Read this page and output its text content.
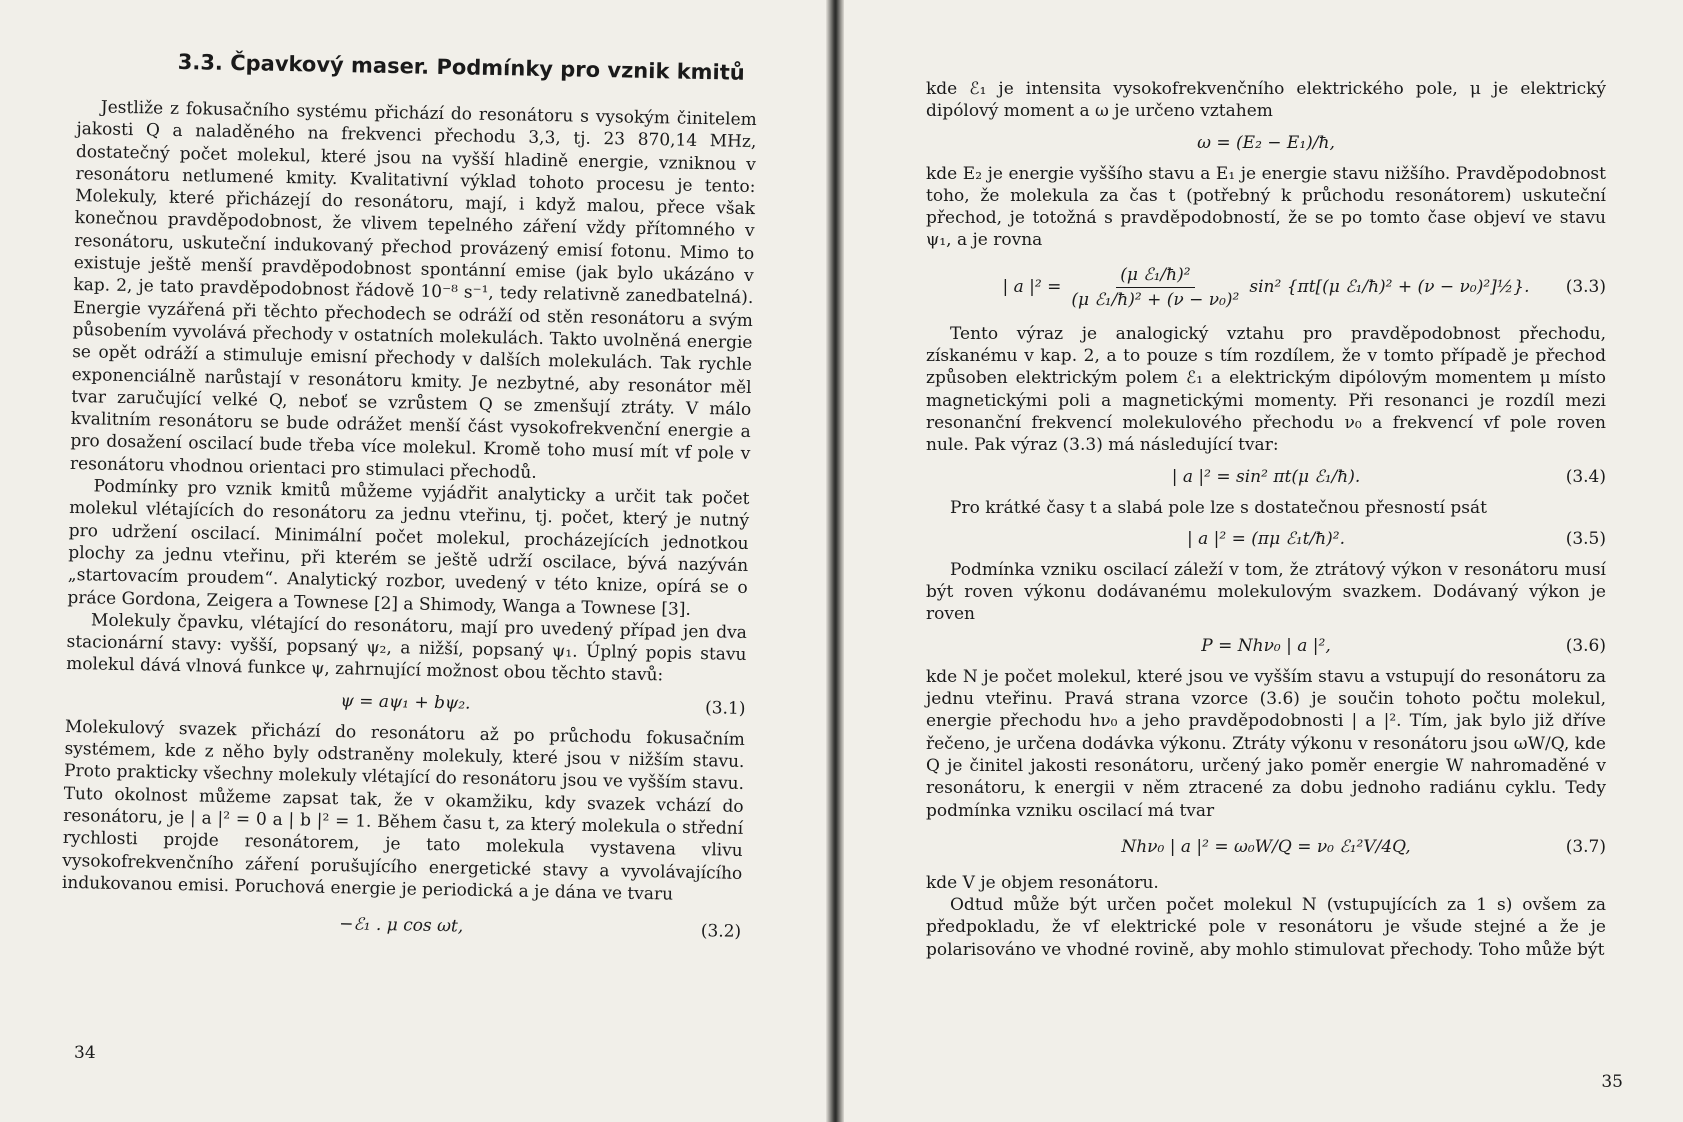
3.3. Čpavkový maser. Podmínky pro vznik kmitů

Jestliže z fokusačního systému přichází do resonátoru s vysokým činitelem jakosti Q a naladěného na frekvenci přechodu 3,3, tj. 23 870,14 MHz, dostatečný počet molekul, které jsou na vyšší hladině energie, vzniknou v resonátoru netlumené kmity. Kvalitativní výklad tohoto procesu je tento: Molekuly, které přicházejí do resonátoru, mají, i když malou, přece však konečnou pravděpodobnost, že vlivem tepelného záření vždy přítomného v resonátoru, uskuteční indukovaný přechod provázený emisí fotonu. Mimo to existuje ještě menší pravděpodobnost spontánní emise (jak bylo ukázáno v kap. 2, je tato pravděpodobnost řádově 10⁻⁸ s⁻¹, tedy relativně zanedbatelná). Energie vyzářená při těchto přechodech se odráží od stěn resonátoru a svým působením vyvolává přechody v ostatních molekulách. Takto uvolněná energie se opět odráží a stimuluje emisní přechody v dalších molekulách. Tak rychle exponenciálně narůstají v resonátoru kmity. Je nezbytné, aby resonátor měl tvar zaručující velké Q, neboť se vzrůstem Q se zmenšují ztráty. V málo kvalitním resonátoru se bude odrážet menší část vysokofrekvenční energie a pro dosažení oscilací bude třeba více molekul. Kromě toho musí mít vf pole v resonátoru vhodnou orientaci pro stimulaci přechodů.

Podmínky pro vznik kmitů můžeme vyjádřit analyticky a určit tak počet molekul vlétajících do resonátoru za jednu vteřinu, tj. počet, který je nutný pro udržení oscilací. Minimální počet molekul, procházejících jednotkou plochy za jednu vteřinu, při kterém se ještě udrží oscilace, bývá nazýván „startovacím proudem“. Analytický rozbor, uvedený v této knize, opírá se o práce Gordona, Zeigera a Townese [2] a Shimody, Wanga a Townese [3].

Molekuly čpavku, vlétající do resonátoru, mají pro uvedený případ jen dva stacionární stavy: vyšší, popsaný ψ₂, a nižší, popsaný ψ₁. Úplný popis stavu molekul dává vlnová funkce ψ, zahrnující možnost obou těchto stavů:

ψ = aψ₁ + bψ₂.	(3.1)

Molekulový svazek přichází do resonátoru až po průchodu fokusačním systémem, kde z něho byly odstraněny molekuly, které jsou v nižším stavu. Proto prakticky všechny molekuly vlétající do resonátoru jsou ve vyšším stavu. Tuto okolnost můžeme zapsat tak, že v okamžiku, kdy svazek vchází do resonátoru, je | a |² = 0 a | b |² = 1. Během času t, za který molekula o střední rychlosti projde resonátorem, je tato molekula vystavena vlivu vysokofrekvenčního záření porušujícího energetické stavy a vyvolávajícího indukovanou emisi. Poruchová energie je periodická a je dána ve tvaru

−ℰ₁ . μ cos ωt,	(3.2)
34

kde ℰ₁ je intensita vysokofrekvenčního elektrického pole, μ je elektrický dipólový moment a ω je určeno vztahem

ω = (E₂ − E₁)/ħ,

kde E₂ je energie vyššího stavu a E₁ je energie stavu nižšího. Pravděpodobnost toho, že molekula za čas t (potřebný k průchodu resonátorem) uskuteční přechod, je totožná s pravděpodobností, že se po tomto čase objeví ve stavu ψ₁, a je rovna

| a $|^2 = \frac{\text{(μ ℰ₁/ħ)²}}{\text{(μ ℰ₁/ħ)² + (ν − ν₀)²}} \sin^2$ {πt[(μ ℰ₁/ħ)² + (ν − ν₀)²]½}. (3.3)

Tento výraz je analogický vztahu pro pravděpodobnost přechodu, získanému v kap. 2, a to pouze s tím rozdílem, že v tomto případě je přechod způsoben elektrickým polem ℰ₁ a elektrickým dipólovým momentem μ místo magnetickými poli a magnetickými momenty. Při resonanci je rozdíl mezi resonanční frekvencí molekulového přechodu ν₀ a frekvencí vf pole roven nule. Pak výraz (3.3) má následující tvar:

| a |² = sin² πt(μ ℰ₁/ħ).	(3.4)

Pro krátké časy t a slabá pole lze s dostatečnou přesností psát

| a |² = (πμ ℰ₁t/ħ)².	(3.5)

Podmínka vzniku oscilací záleží v tom, že ztrátový výkon v resonátoru musí být roven výkonu dodávanému molekulovým svazkem. Dodávaný výkon je roven

P = Nhν₀ | a |²,	(3.6)

kde N je počet molekul, které jsou ve vyšším stavu a vstupují do resonátoru za jednu vteřinu. Pravá strana vzorce (3.6) je součin tohoto počtu molekul, energie přechodu hν₀ a jeho pravděpodobnosti | a |². Tím, jak bylo již dříve řečeno, je určena dodávka výkonu. Ztráty výkonu v resonátoru jsou ωW/Q, kde Q je činitel jakosti resonátoru, určený jako poměr energie W nahromaděné v resonátoru, k energii v něm ztracené za dobu jednoho radiánu cyklu. Tedy podmínka vzniku oscilací má tvar

Nhν₀ | a |² = ω₀W/Q = ν₀ ℰ₁²V/4Q,	(3.7)

kde V je objem resonátoru.

Odtud může být určen počet molekul N (vstupujících za 1 s) ovšem za předpokladu, že vf elektrické pole v resonátoru je všude stejné a že je polarisováno ve vhodné rovině, aby mohlo stimulovat přechody. Toho může být

35
